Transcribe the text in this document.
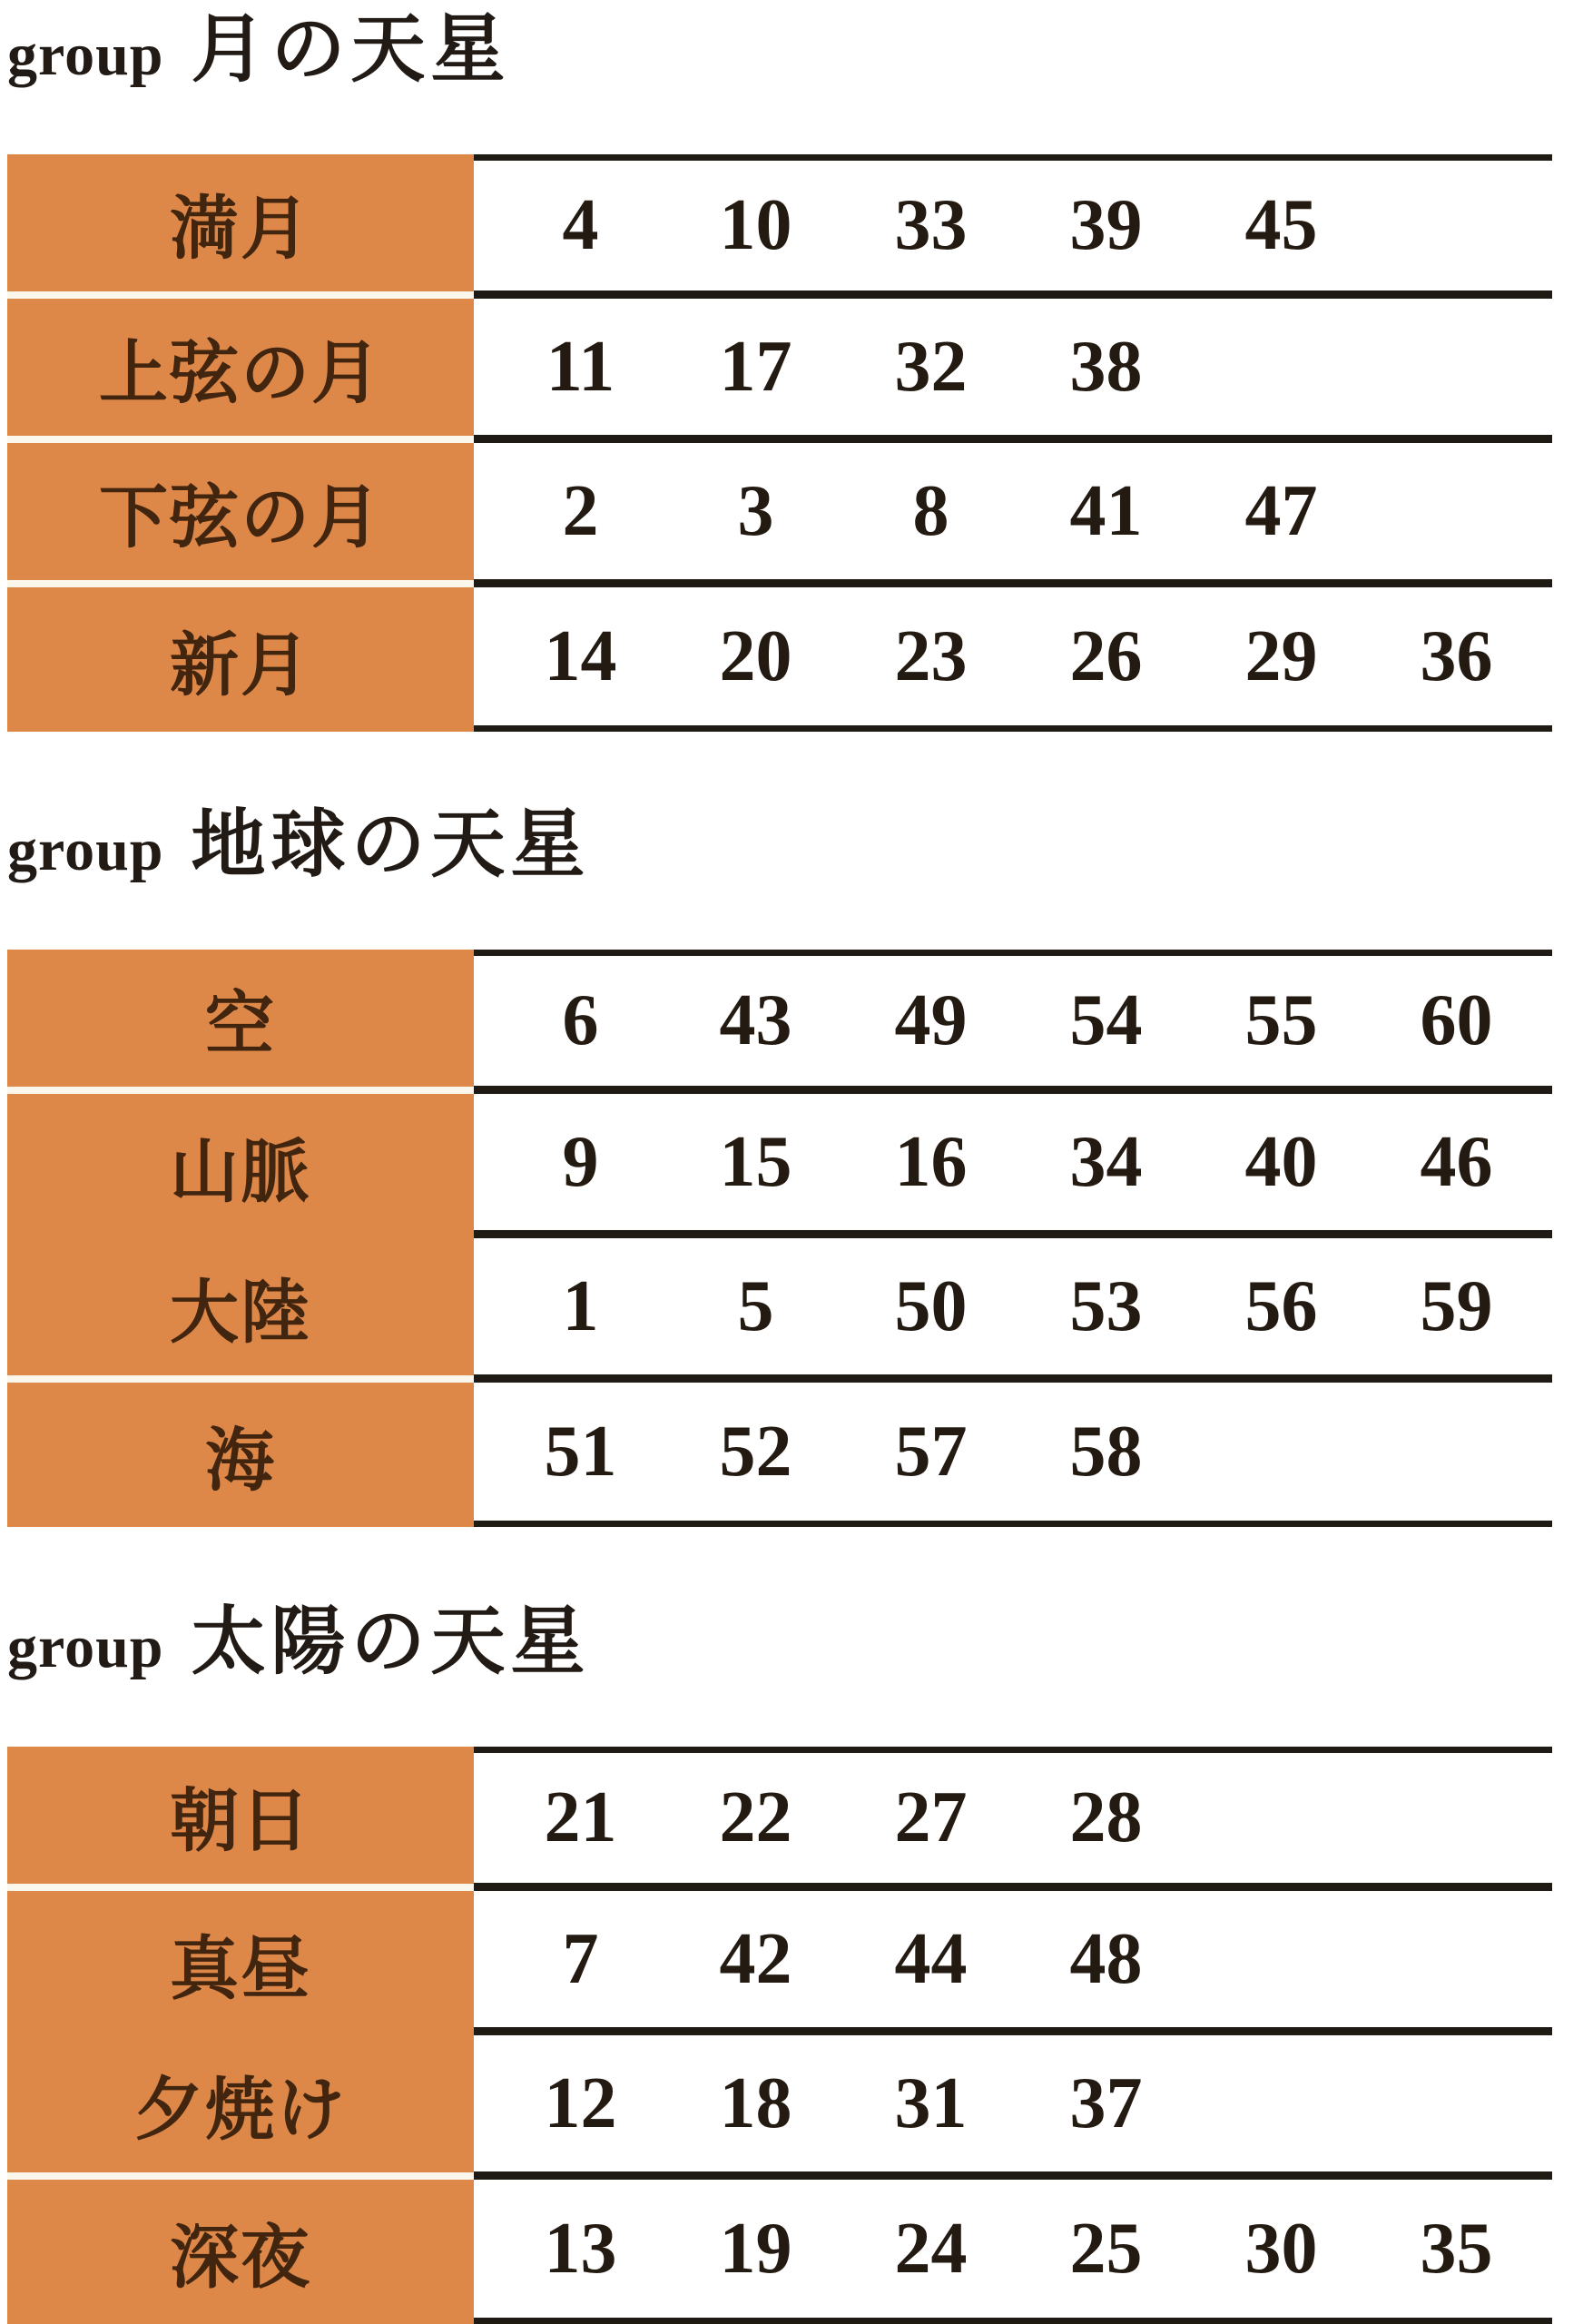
group 月の天星
満月	4	10	33	39	45
上弦の月	11	17	32	38
下弦の月	2	3	8	41	47
新月	14	20	23	26	29	36
group 地球の天星
空	6	43	49	54	55	60
山脈	9	15	16	34	40	46
大陸	1	5	50	53	56	59
海	51	52	57	58
group 太陽の天星
朝日	21	22	27	28
真昼	7	42	44	48
夕焼け	12	18	31	37
深夜	13	19	24	25	30	35
